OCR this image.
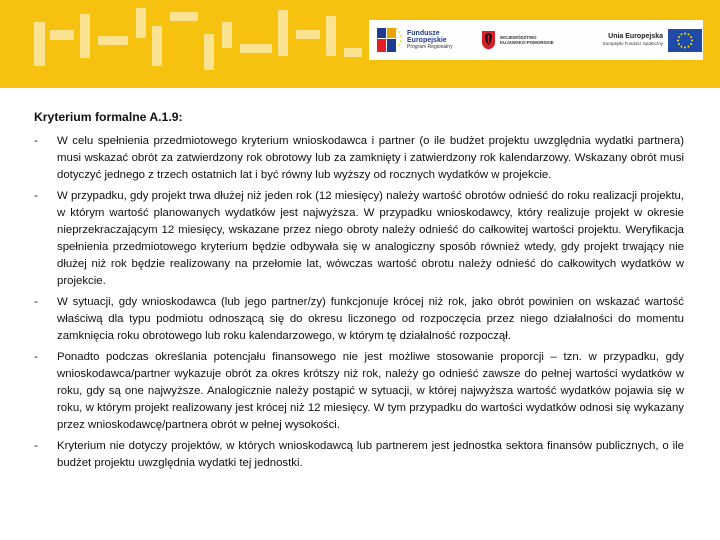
Fundusze
Europejskie
Program Regionalny
WOJEWÓDZTWO
KUJAWSKO-POMORSKIE
Unia Europejska
Europejski Fundusz Społeczny
Kryterium formalne A.1.9:
-	W celu spełnienia przedmiotowego kryterium wnioskodawca i partner (o ile budżet projektu uwzględnia wydatki partnera) musi wskazać obrót za zatwierdzony rok obrotowy lub za zamknięty i zatwierdzony rok kalendarzowy. Wskazany obrót musi dotyczyć jednego z trzech ostatnich lat i być równy lub wyższy od rocznych wydatków w projekcie.
-	W przypadku, gdy projekt trwa dłużej niż jeden rok (12 miesięcy) należy wartość obrotów odnieść do roku realizacji projektu, w którym wartość planowanych wydatków jest najwyższa. W przypadku wnioskodawcy, który realizuje projekt w okresie nieprzekraczającym 12 miesięcy, wskazane przez niego obroty należy odnieść do całkowitej wartości projektu. Weryfikacja spełnienia przedmiotowego kryterium będzie odbywała się w analogiczny sposób również wtedy, gdy projekt trwający nie dłużej niż rok będzie realizowany na przełomie lat, wówczas wartość obrotu należy odnieść do całkowitych wydatków w projekcie.
-	W sytuacji, gdy wnioskodawca (lub jego partner/zy) funkcjonuje krócej niż rok, jako obrót powinien on wskazać wartość właściwą dla typu podmiotu odnoszącą się do okresu liczonego od rozpoczęcia przez niego działalności do momentu zamknięcia roku obrotowego lub roku kalendarzowego, w którym tę działalność rozpoczął.
-	Ponadto podczas określania potencjału finansowego nie jest możliwe stosowanie proporcji – tzn. w przypadku, gdy wnioskodawca/partner wykazuje obrót za okres krótszy niż rok, należy go odnieść zawsze do pełnej wartości wydatków w roku, gdy są one najwyższe. Analogicznie należy postąpić w sytuacji, w której najwyższa wartość wydatków pojawia się w roku, w którym projekt realizowany jest krócej niż 12 miesięcy. W tym przypadku do wartości wydatków odnosi się wykazany przez wnioskodawcę/partnera obrót w pełnej wysokości.
-	Kryterium nie dotyczy projektów, w których wnioskodawcą lub partnerem jest jednostka sektora finansów publicznych, o ile budżet projektu uwzględnia wydatki tej jednostki.
